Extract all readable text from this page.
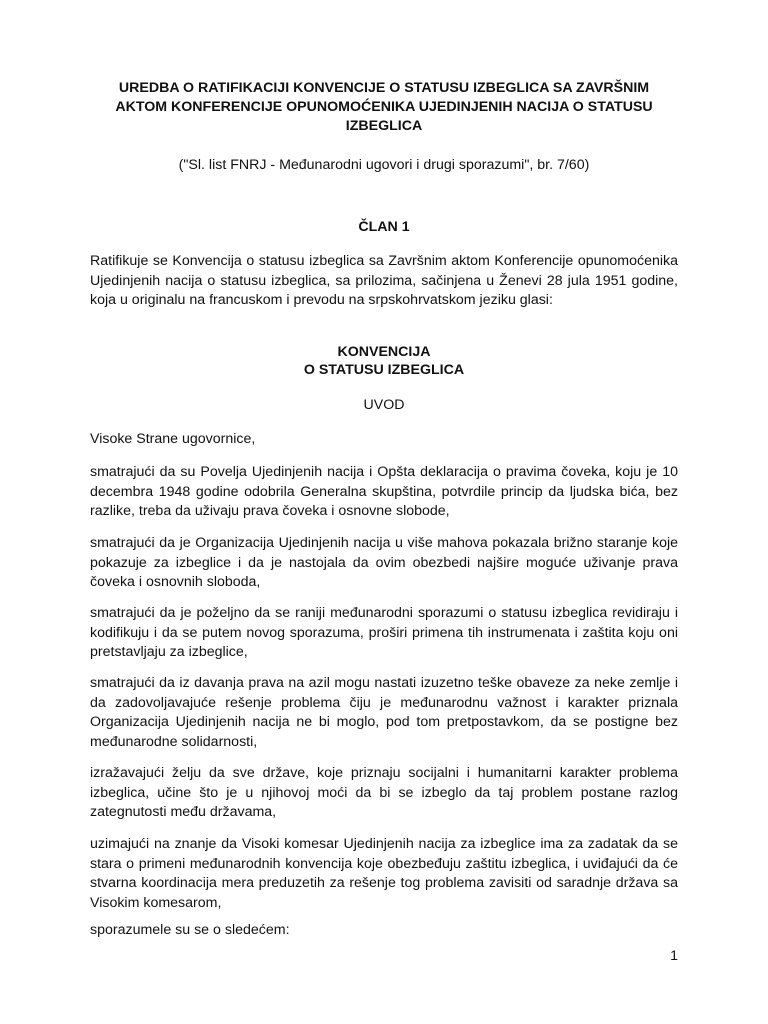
UREDBA O RATIFIKACIJI KONVENCIJE O STATUSU IZBEGLICA SA ZAVRŠNIM AKTOM KONFERENCIJE OPUNOMOĆENIKA UJEDINJENIH NACIJA O STATUSU IZBEGLICA

("Sl. list FNRJ - Međunarodni ugovori i drugi sporazumi", br. 7/60)

ČLAN 1

Ratifikuje se Konvencija o statusu izbeglica sa Završnim aktom Konferencije opunomoćenika Ujedinjenih nacija o statusu izbeglica, sa prilozima, sačinjena u Ženevi 28 jula 1951 godine, koja u originalu na francuskom i prevodu na srpskohrvatskom jeziku glasi:

KONVENCIJA

O STATUSU IZBEGLICA

UVOD

Visoke Strane ugovornice,

smatrajući da su Povelja Ujedinjenih nacija i Opšta deklaracija o pravima čoveka, koju je 10 decembra 1948 godine odobrila Generalna skupština, potvrdile princip da ljudska bića, bez razlike, treba da uživaju prava čoveka i osnovne slobode,

smatrajući da je Organizacija Ujedinjenih nacija u više mahova pokazala brižno staranje koje pokazuje za izbeglice i da je nastojala da ovim obezbedi najšire moguće uživanje prava čoveka i osnovnih sloboda,

smatrajući da je poželjno da se raniji međunarodni sporazumi o statusu izbeglica revidiraju i kodifikuju i da se putem novog sporazuma, proširi primena tih instrumenata i zaštita koju oni pretstavljaju za izbeglice,

smatrajući da iz davanja prava na azil mogu nastati izuzetno teške obaveze za neke zemlje i da zadovoljavajuće rešenje problema čiju je međunarodnu važnost i karakter priznala Organizacija Ujedinjenih nacija ne bi moglo, pod tom pretpostavkom, da se postigne bez međunarodne solidarnosti,

izražavajući želju da sve države, koje priznaju socijalni i humanitarni karakter problema izbeglica, učine što je u njihovoj moći da bi se izbeglo da taj problem postane razlog zategnutosti među državama,

uzimajući na znanje da Visoki komesar Ujedinjenih nacija za izbeglice ima za zadatak da se stara o primeni međunarodnih konvencija koje obezbeđuju zaštitu izbeglica, i uviđajući da će stvarna koordinacija mera preduzetih za rešenje tog problema zavisiti od saradnje država sa Visokim komesarom,

sporazumele su se o sledećem:

1
